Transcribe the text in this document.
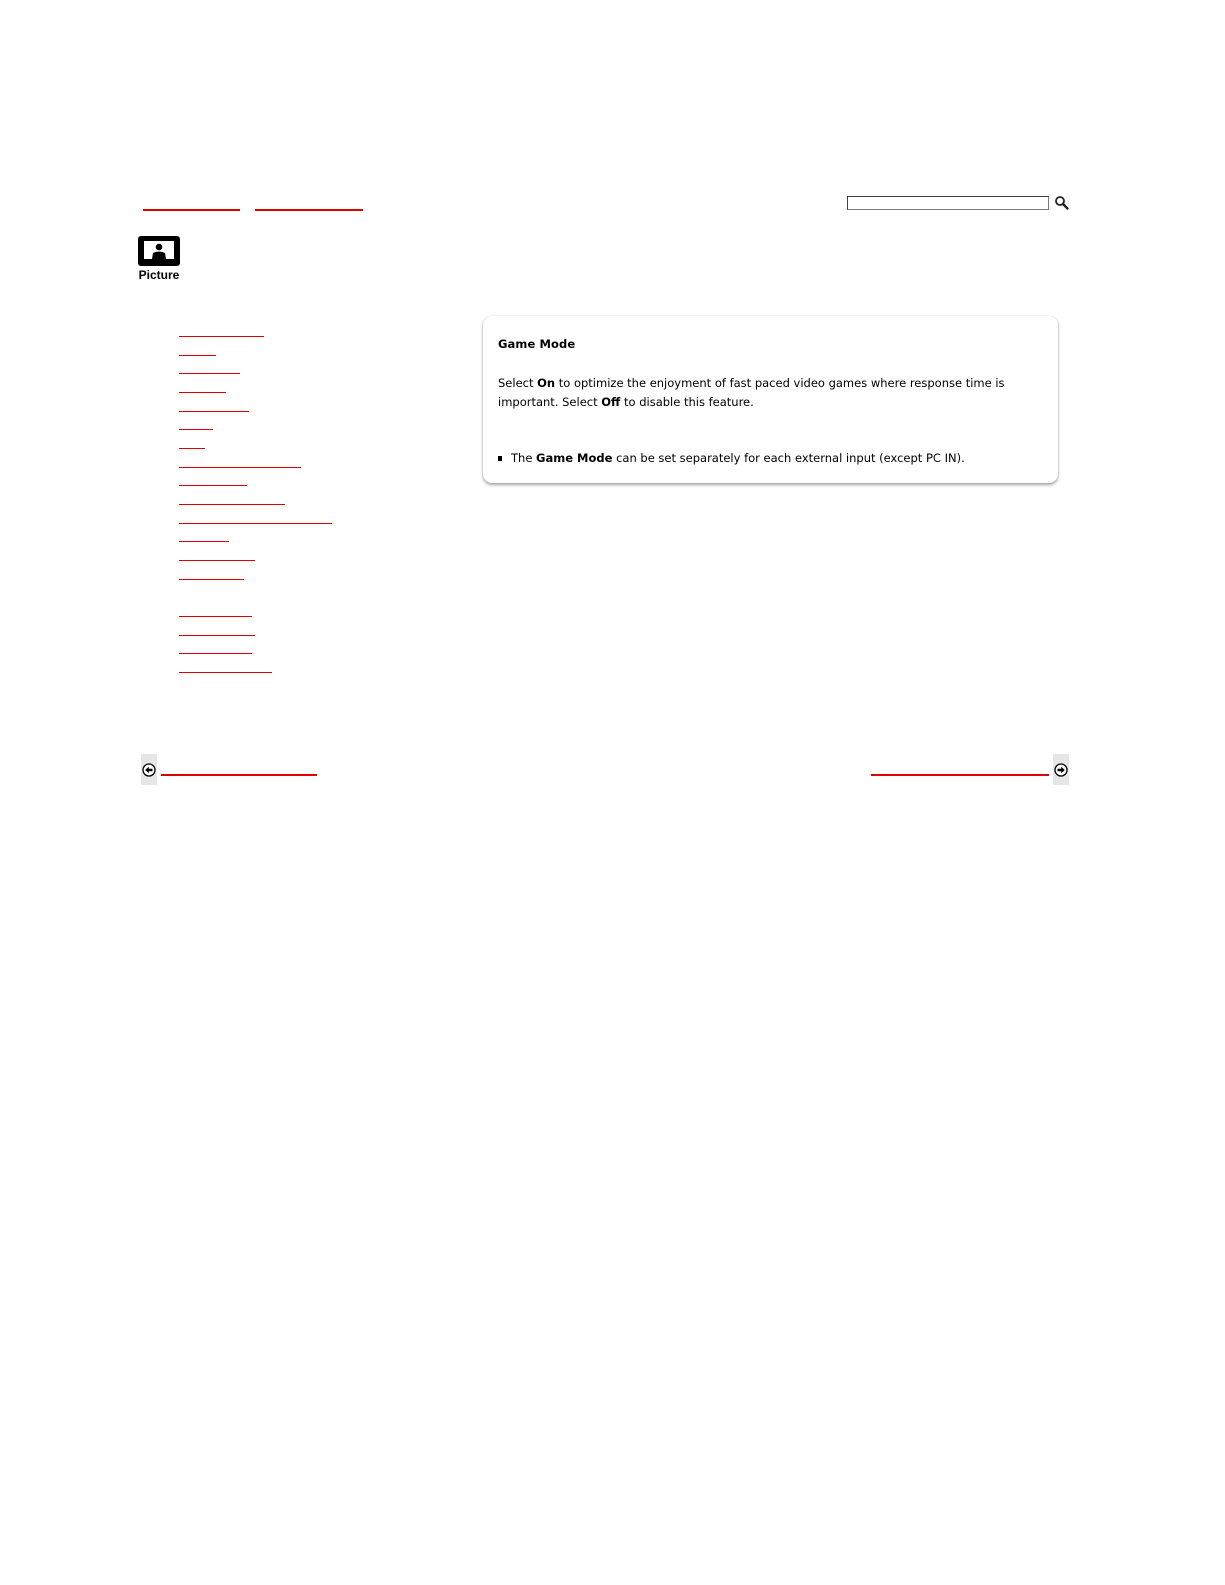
Picture
Game Mode
Select On to optimize the enjoyment of fast paced video games where response time is important. Select Off to disable this feature.
The Game Mode can be set separately for each external input (except PC IN).
